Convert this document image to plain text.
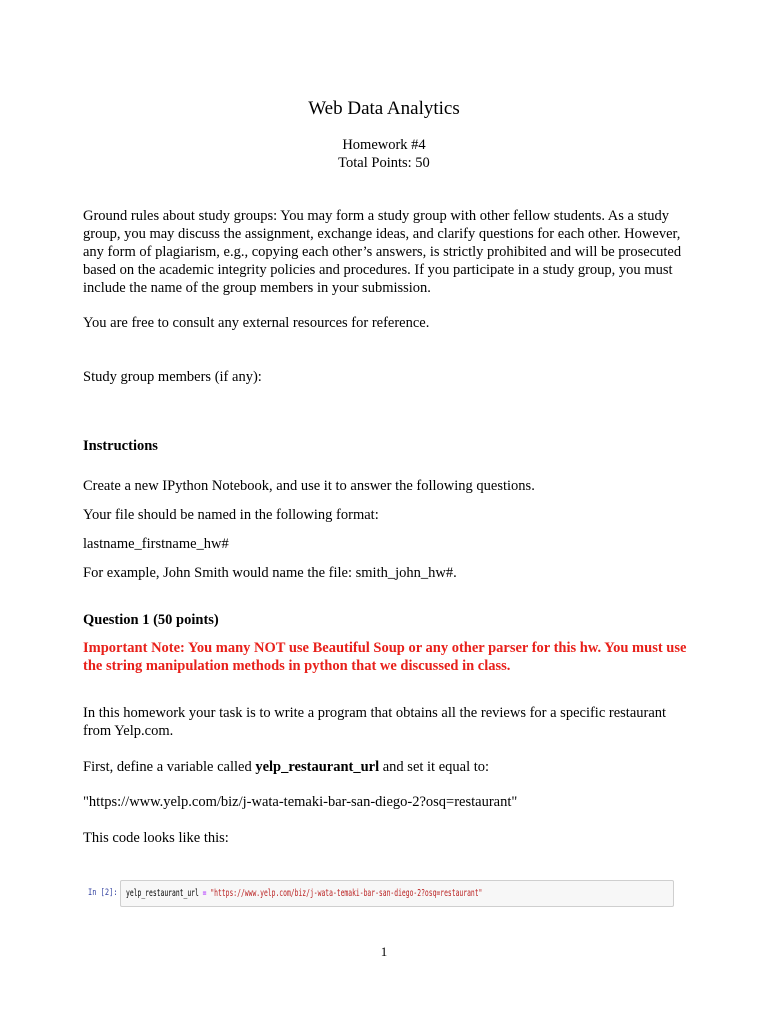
Web Data Analytics
Homework #4
Total Points: 50
Ground rules about study groups: You may form a study group with other fellow students. As a study group, you may discuss the assignment, exchange ideas, and clarify questions for each other. However, any form of plagiarism, e.g., copying each other’s answers, is strictly prohibited and will be prosecuted based on the academic integrity policies and procedures. If you participate in a study group, you must include the name of the group members in your submission.
You are free to consult any external resources for reference.
Study group members (if any):
Instructions
Create a new IPython Notebook, and use it to answer the following questions.
Your file should be named in the following format:
lastname_firstname_hw#
For example, John Smith would name the file: smith_john_hw#.
Question 1 (50 points)
Important Note: You many NOT use Beautiful Soup or any other parser for this hw. You must use the string manipulation methods in python that we discussed in class.
In this homework your task is to write a program that obtains all the reviews for a specific restaurant from Yelp.com.
First, define a variable called yelp_restaurant_url and set it equal to:
"https://www.yelp.com/biz/j-wata-temaki-bar-san-diego-2?osq=restaurant"
This code looks like this:
In [2]: yelp_restaurant_url = "https://www.yelp.com/biz/j-wata-temaki-bar-san-diego-2?osq=restaurant"
1
